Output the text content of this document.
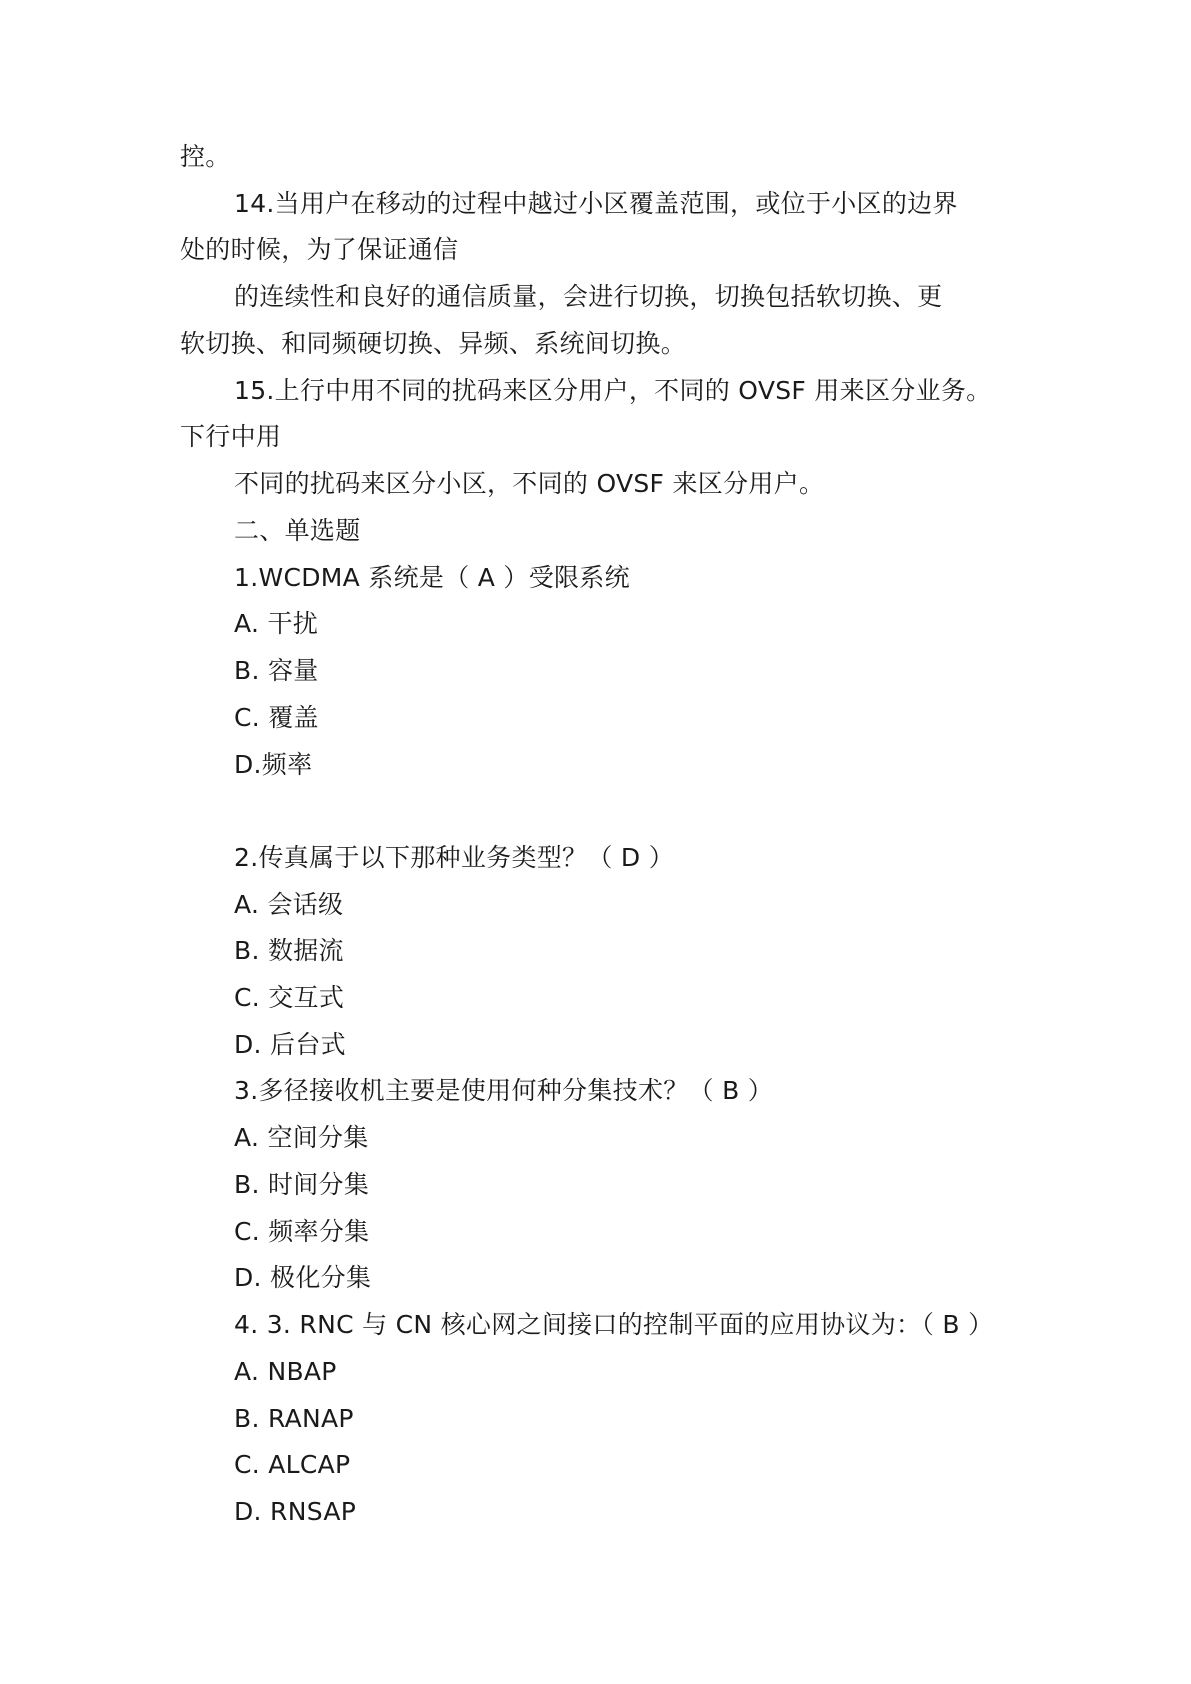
控。
14.当用户在移动的过程中越过小区覆盖范围，或位于小区的边界
处的时候，为了保证通信
的连续性和良好的通信质量，会进行切换，切换包括软切换、更
软切换、和同频硬切换、异频、系统间切换。
15.上行中用不同的扰码来区分用户，不同的 OVSF 用来区分业务。
下行中用
不同的扰码来区分小区，不同的 OVSF 来区分用户。
二、单选题
1.WCDMA 系统是（ A ）受限系统
A. 干扰
B. 容量
C. 覆盖
D.频率
2.传真属于以下那种业务类型？（ D ）
A. 会话级
B. 数据流
C. 交互式
D. 后台式
3.多径接收机主要是使用何种分集技术？（ B ）
A. 空间分集
B. 时间分集
C. 频率分集
D. 极化分集
4. 3. RNC 与 CN 核心网之间接口的控制平面的应用协议为：（ B ）
A. NBAP
B. RANAP
C. ALCAP
D. RNSAP
